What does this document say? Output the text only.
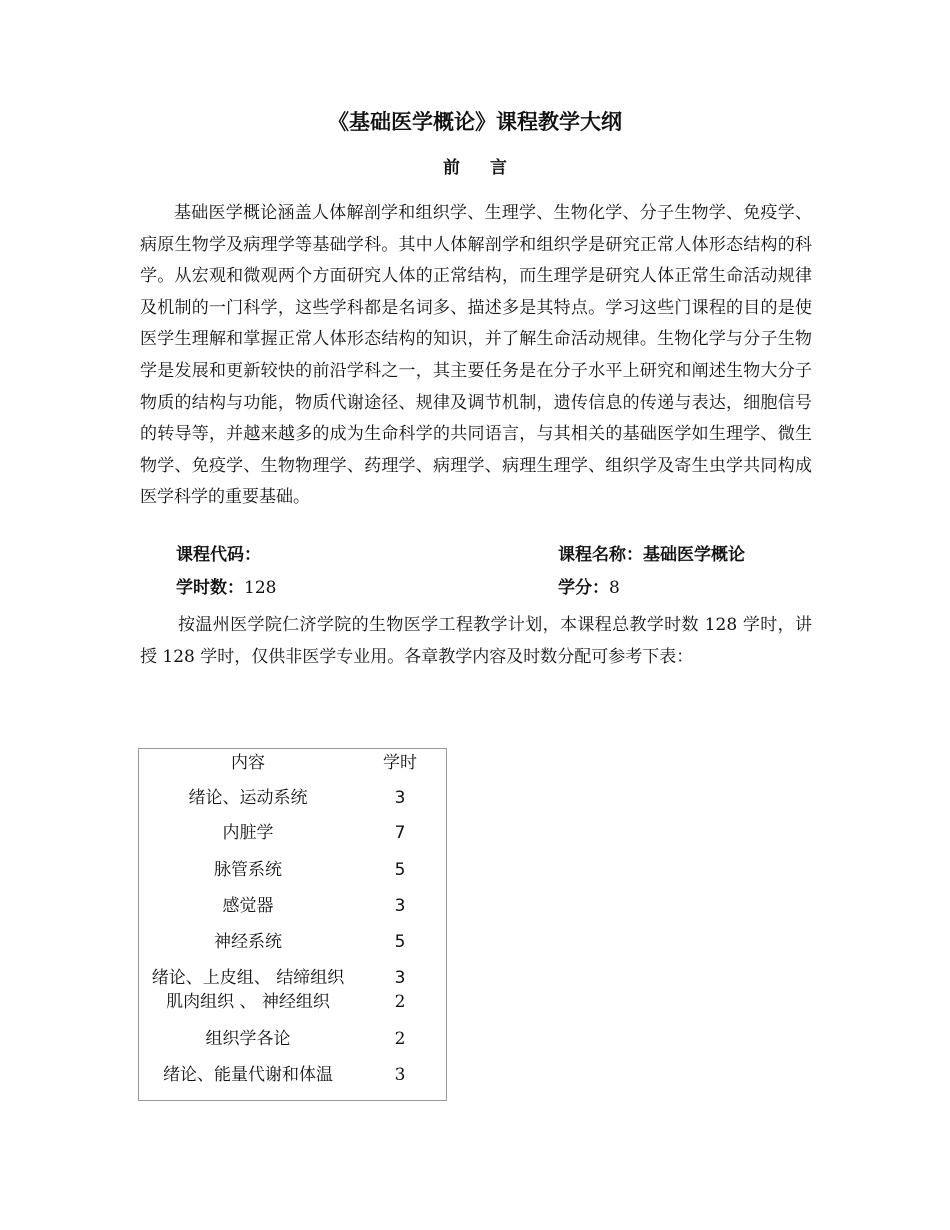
《基础医学概论》课程教学大纲
前言

基础医学概论涵盖人体解剖学和组织学、生理学、生物化学、分子生物学、免疫学、病原生物学及病理学等基础学科。其中人体解剖学和组织学是研究正常人体形态结构的科学。从宏观和微观两个方面研究人体的正常结构，而生理学是研究人体正常生命活动规律及机制的一门科学，这些学科都是名词多、描述多是其特点。学习这些门课程的目的是使医学生理解和掌握正常人体形态结构的知识，并了解生命活动规律。生物化学与分子生物学是发展和更新较快的前沿学科之一，其主要任务是在分子水平上研究和阐述生物大分子物质的结构与功能，物质代谢途径、规律及调节机制，遗传信息的传递与表达，细胞信号的转导等，并越来越多的成为生命科学的共同语言，与其相关的基础医学如生理学、微生物学、免疫学、生物物理学、药理学、病理学、病理生理学、组织学及寄生虫学共同构成医学科学的重要基础。

课程代码：	课程名称：基础医学概论
学时数：128	学分：8

按温州医学院仁济学院的生物医学工程教学计划，本课程总教学时数 128 学时，讲授 128 学时，仅供非医学专业用。各章教学内容及时数分配可参考下表：

内容	学时
绪论、运动系统	3
内脏学	7
脉管系统	5
感觉器	3
神经系统	5
绪论、上皮组、 结缔组织	3
肌肉组织 、 神经组织	2
组织学各论	2
绪论、能量代谢和体温	3
